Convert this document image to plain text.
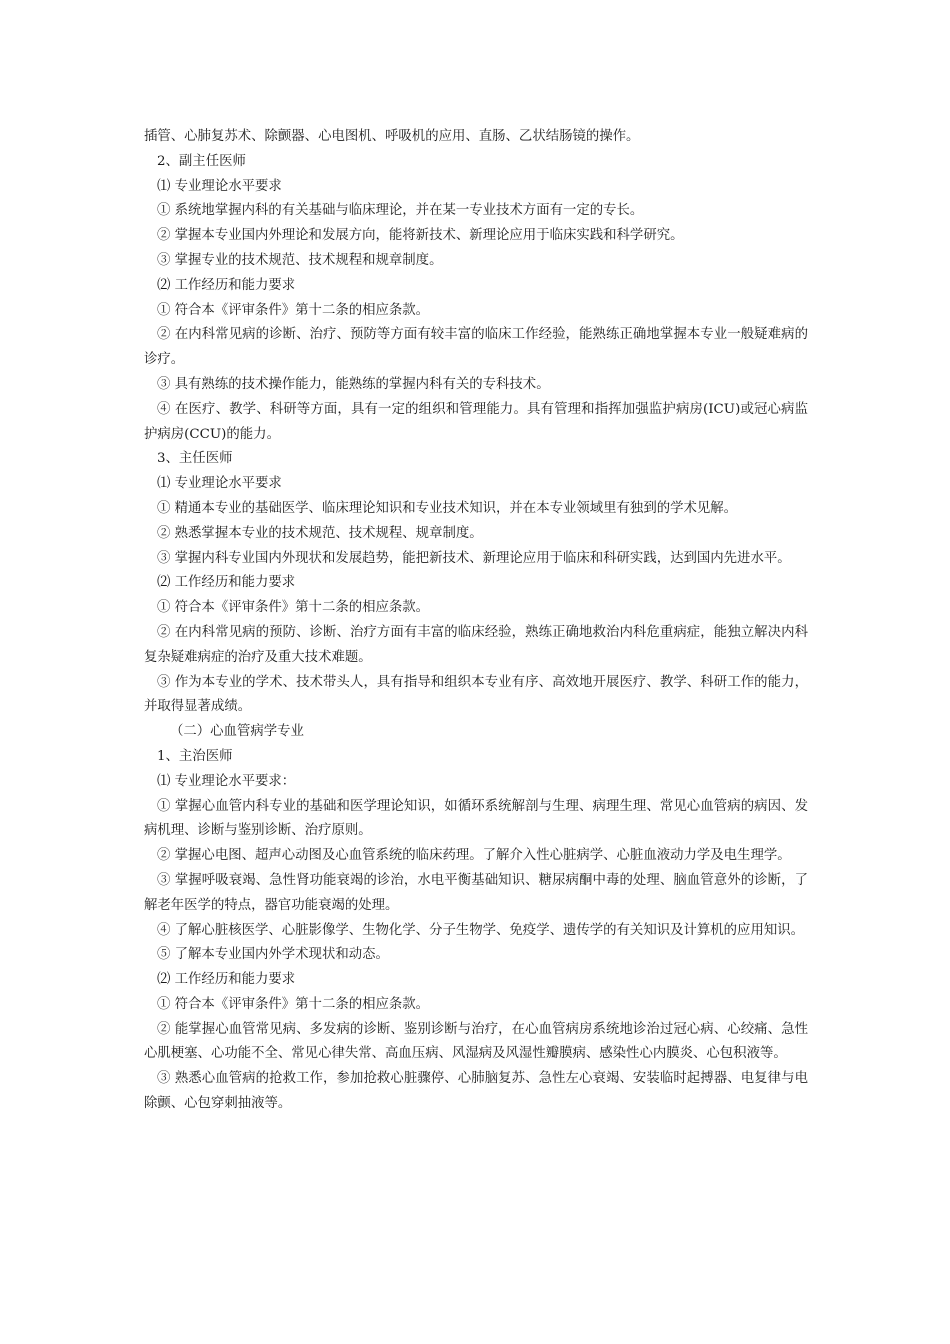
插管、心肺复苏术、除颤器、心电图机、呼吸机的应用、直肠、乙状结肠镜的操作。

2、副主任医师

⑴ 专业理论水平要求

① 系统地掌握内科的有关基础与临床理论，并在某一专业技术方面有一定的专长。

② 掌握本专业国内外理论和发展方向，能将新技术、新理论应用于临床实践和科学研究。

③ 掌握专业的技术规范、技术规程和规章制度。

⑵ 工作经历和能力要求

① 符合本《评审条件》第十二条的相应条款。

② 在内科常见病的诊断、治疗、预防等方面有较丰富的临床工作经验，能熟练正确地掌握本专业一般疑难病的诊疗。

③ 具有熟练的技术操作能力，能熟练的掌握内科有关的专科技术。

④ 在医疗、教学、科研等方面，具有一定的组织和管理能力。具有管理和指挥加强监护病房(ICU)或冠心病监护病房(CCU)的能力。

3、主任医师

⑴ 专业理论水平要求

① 精通本专业的基础医学、临床理论知识和专业技术知识，并在本专业领域里有独到的学术见解。

② 熟悉掌握本专业的技术规范、技术规程、规章制度。

③ 掌握内科专业国内外现状和发展趋势，能把新技术、新理论应用于临床和科研实践，达到国内先进水平。

⑵ 工作经历和能力要求

① 符合本《评审条件》第十二条的相应条款。

② 在内科常见病的预防、诊断、治疗方面有丰富的临床经验，熟练正确地救治内科危重病症，能独立解决内科复杂疑难病症的治疗及重大技术难题。

③ 作为本专业的学术、技术带头人，具有指导和组织本专业有序、高效地开展医疗、教学、科研工作的能力，并取得显著成绩。

（二）心血管病学专业

1、主治医师

⑴ 专业理论水平要求：

① 掌握心血管内科专业的基础和医学理论知识，如循环系统解剖与生理、病理生理、常见心血管病的病因、发病机理、诊断与鉴别诊断、治疗原则。

② 掌握心电图、超声心动图及心血管系统的临床药理。了解介入性心脏病学、心脏血液动力学及电生理学。

③ 掌握呼吸衰竭、急性肾功能衰竭的诊治，水电平衡基础知识、糖尿病酮中毒的处理、脑血管意外的诊断，了解老年医学的特点，器官功能衰竭的处理。

④ 了解心脏核医学、心脏影像学、生物化学、分子生物学、免疫学、遗传学的有关知识及计算机的应用知识。

⑤ 了解本专业国内外学术现状和动态。

⑵ 工作经历和能力要求

① 符合本《评审条件》第十二条的相应条款。

② 能掌握心血管常见病、多发病的诊断、鉴别诊断与治疗，在心血管病房系统地诊治过冠心病、心绞痛、急性心肌梗塞、心功能不全、常见心律失常、高血压病、风湿病及风湿性瓣膜病、感染性心内膜炎、心包积液等。

③ 熟悉心血管病的抢救工作，参加抢救心脏骤停、心肺脑复苏、急性左心衰竭、安装临时起搏器、电复律与电除颤、心包穿刺抽液等。
